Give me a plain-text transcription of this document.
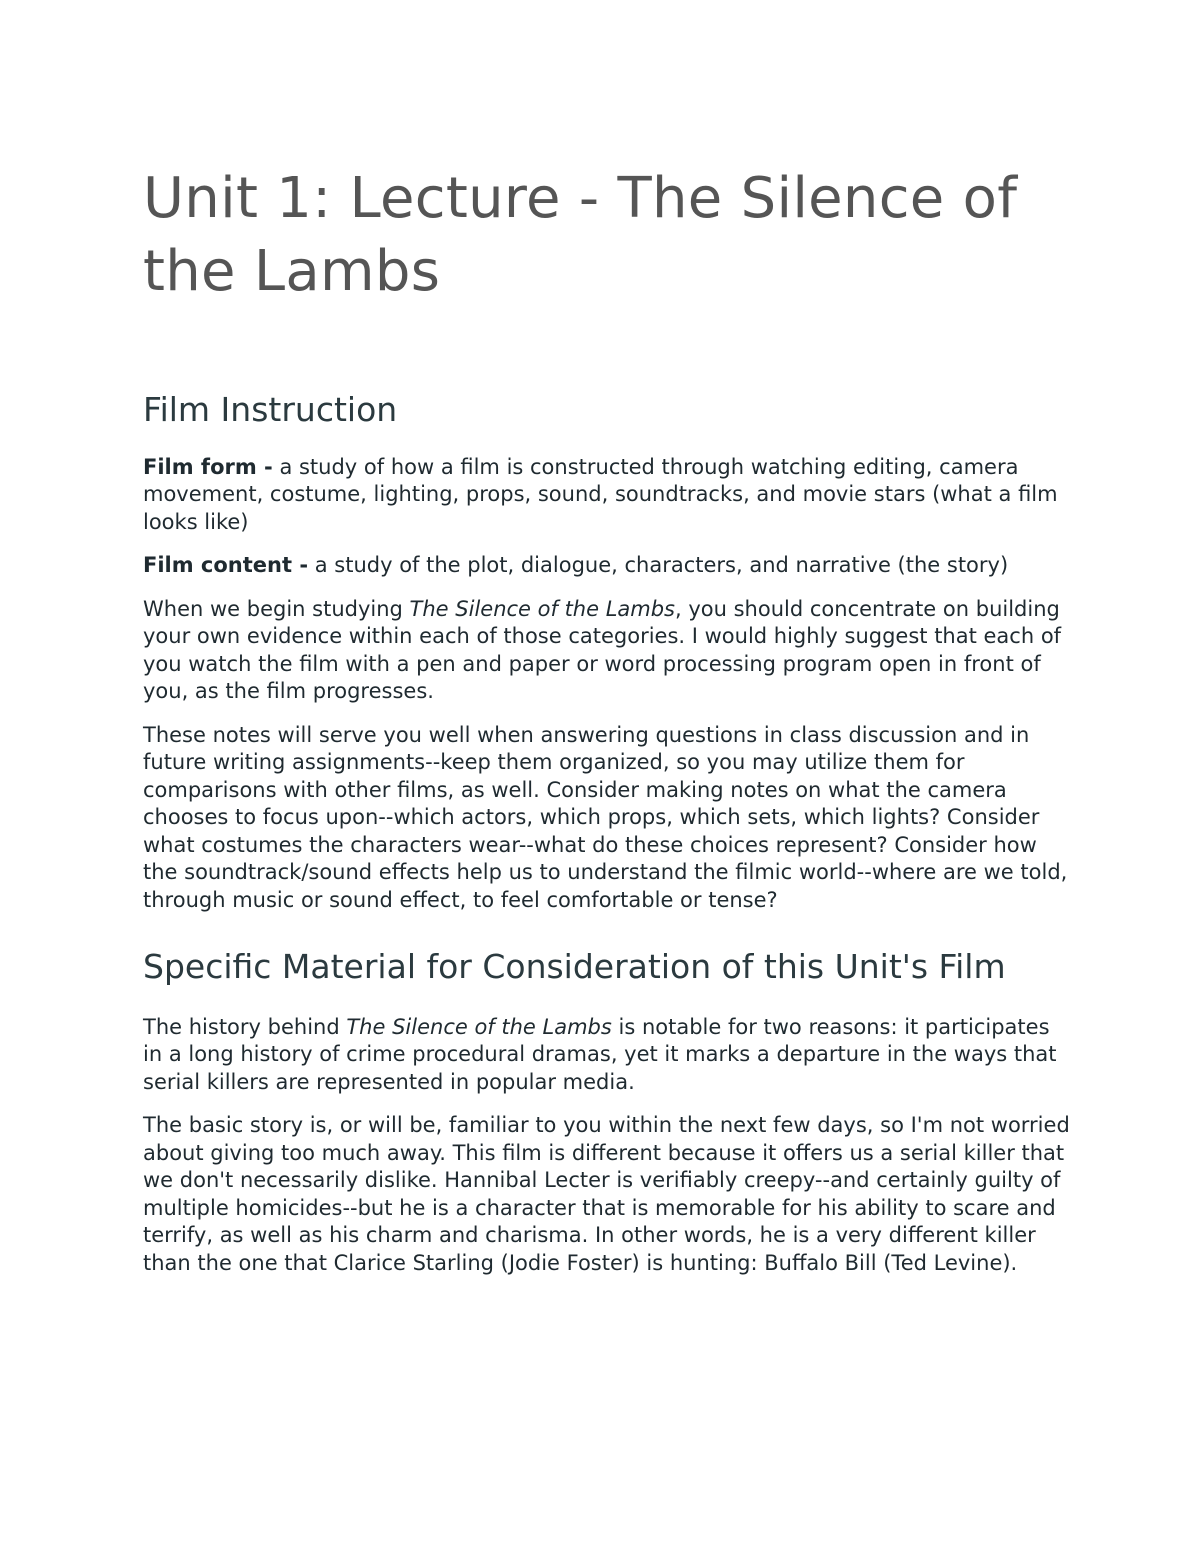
Unit 1: Lecture - The Silence of the Lambs
Film Instruction

Film form - a study of how a film is constructed through watching editing, camera movement, costume, lighting, props, sound, soundtracks, and movie stars (what a film looks like)

Film content - a study of the plot, dialogue, characters, and narrative (the story)

When we begin studying The Silence of the Lambs, you should concentrate on building your own evidence within each of those categories. I would highly suggest that each of you watch the film with a pen and paper or word processing program open in front of you, as the film progresses.

These notes will serve you well when answering questions in class discussion and in future writing assignments--keep them organized, so you may utilize them for comparisons with other films, as well. Consider making notes on what the camera chooses to focus upon--which actors, which props, which sets, which lights? Consider what costumes the characters wear--what do these choices represent? Consider how the soundtrack/sound effects help us to understand the filmic world--where are we told, through music or sound effect, to feel comfortable or tense?

Specific Material for Consideration of this Unit's Film

The history behind The Silence of the Lambs is notable for two reasons: it participates in a long history of crime procedural dramas, yet it marks a departure in the ways that serial killers are represented in popular media.

The basic story is, or will be, familiar to you within the next few days, so I'm not worried about giving too much away. This film is different because it offers us a serial killer that we don't necessarily dislike. Hannibal Lecter is verifiably creepy--and certainly guilty of multiple homicides--but he is a character that is memorable for his ability to scare and terrify, as well as his charm and charisma. In other words, he is a very different killer than the one that Clarice Starling (Jodie Foster) is hunting: Buffalo Bill (Ted Levine).
